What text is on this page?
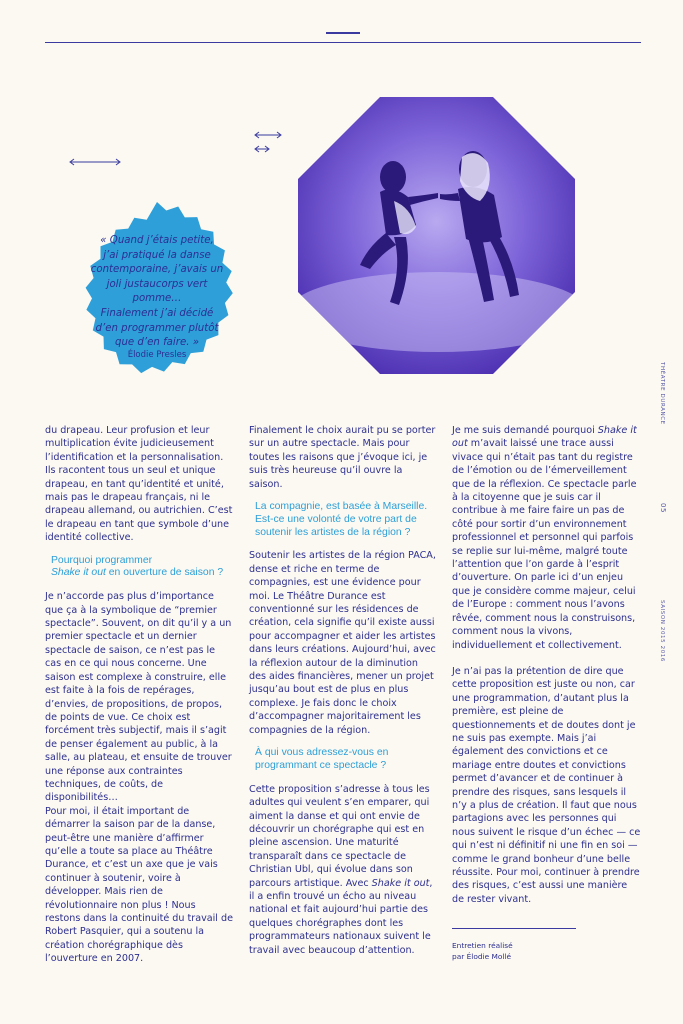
« Quand j’étais petite,
j’ai pratiqué la danse
contemporaine, j’avais un
joli justaucorps vert pomme…
Finalement j’ai décidé
d’en programmer plutôt
que d’en faire. »
Élodie Presles
THÉATRE DURANCE
05
SAISON 2015 2016

du drapeau. Leur profusion et leur multiplication évite judicieusement l’identification et la personnalisation. Ils racontent tous un seul et unique drapeau, en tant qu’identité et unité, mais pas le drapeau français, ni le drapeau allemand, ou autrichien. C’est le drapeau en tant que symbole d’une identité collective.

Pourquoi programmer
Shake it out en ouverture de saison ?

Je n’accorde pas plus d’importance que ça à la symbolique de “premier spectacle”. Souvent, on dit qu’il y a un premier spectacle et un dernier spectacle de saison, ce n’est pas le cas en ce qui nous concerne. Une saison est complexe à construire, elle est faite à la fois de repérages, d’envies, de propositions, de propos, de points de vue. Ce choix est forcément très subjectif, mais il s’agit de penser également au public, à la salle, au plateau, et ensuite de trouver une réponse aux contraintes techniques, de coûts, de disponibilités…

Pour moi, il était important de démarrer la saison par de la danse, peut-être une manière d’affirmer qu’elle a toute sa place au Théâtre Durance, et c’est un axe que je vais continuer à soutenir, voire à développer. Mais rien de révolutionnaire non plus ! Nous restons dans la continuité du travail de Robert Pasquier, qui a soutenu la création chorégraphique dès l’ouverture en 2007.

Finalement le choix aurait pu se porter sur un autre spectacle. Mais pour toutes les raisons que j’évoque ici, je suis très heureuse qu’il ouvre la saison.

La compagnie, est basée à Marseille. Est-ce une volonté de votre part de soutenir les artistes de la région ?

Soutenir les artistes de la région PACA, dense et riche en terme de compagnies, est une évidence pour moi. Le Théâtre Durance est conventionné sur les résidences de création, cela signifie qu’il existe aussi pour accompagner et aider les artistes dans leurs créations. Aujourd’hui, avec la réflexion autour de la diminution des aides financières, mener un projet jusqu’au bout est de plus en plus complexe. Je fais donc le choix d’accompagner majoritairement les compagnies de la région.

À qui vous adressez-vous en programmant ce spectacle ?

Cette proposition s’adresse à tous les adultes qui veulent s’en emparer, qui aiment la danse et qui ont envie de découvrir un chorégraphe qui est en pleine ascension. Une maturité transparaît dans ce spectacle de Christian Ubl, qui évolue dans son parcours artistique. Avec Shake it out, il a enfin trouvé un écho au niveau national et fait aujourd’hui partie des quelques chorégraphes dont les programmateurs nationaux suivent le travail avec beaucoup d’attention.

Je me suis demandé pourquoi Shake it out m’avait laissé une trace aussi vivace qui n’était pas tant du registre de l’émotion ou de l’émerveillement que de la réflexion. Ce spectacle parle à la citoyenne que je suis car il contribue à me faire faire un pas de côté pour sortir d’un environnement professionnel et personnel qui parfois se replie sur lui-même, malgré toute l’attention que l’on garde à l’esprit d’ouverture. On parle ici d’un enjeu que je considère comme majeur, celui de l’Europe : comment nous l’avons rêvée, comment nous la construisons, comment nous la vivons, individuellement et collectivement.

Je n’ai pas la prétention de dire que cette proposition est juste ou non, car une programmation, d’autant plus la première, est pleine de questionnements et de doutes dont je ne suis pas exempte. Mais j’ai également des convictions et ce mariage entre doutes et convictions permet d’avancer et de continuer à prendre des risques, sans lesquels il n’y a plus de création. Il faut que nous partagions avec les personnes qui nous suivent le risque d’un échec — ce qui n’est ni définitif ni une fin en soi — comme le grand bonheur d’une belle réussite. Pour moi, continuer à prendre des risques, c’est aussi une manière de rester vivant.

Entretien réalisé
par Élodie Mollé
